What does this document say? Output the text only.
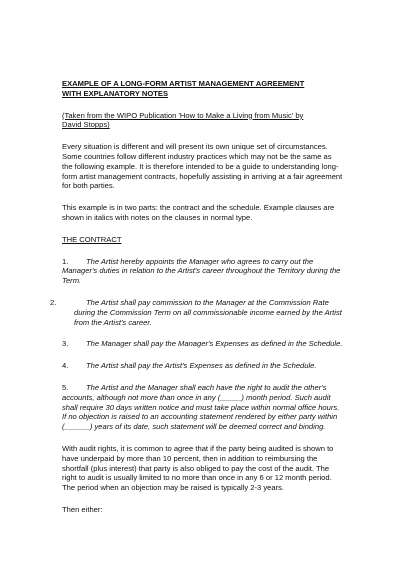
EXAMPLE OF A LONG-FORM ARTIST MANAGEMENT AGREEMENT
WITH EXPLANATORY NOTES
(Taken from the WIPO Publication 'How to Make a Living from Music' by
David Stopps)

Every situation is different and will present its own unique set of circumstances. Some countries follow different industry practices which may not be the same as the following example. It is therefore intended to be a guide to understanding long-form artist management contracts, hopefully assisting in arriving at a fair agreement for both parties.

This example is in two parts: the contract and the schedule. Example clauses are shown in italics with notes on the clauses in normal type.

THE CONTRACT
1. The Artist hereby appoints the Manager who agrees to carry out the Manager's duties in relation to the Artist's career throughout the Territory during the Term.
2.	The Artist shall pay commission to the Manager at the Commission Rate during the Commission Term on all commissionable income earned by the Artist from the Artist's career.
3. The Manager shall pay the Manager's Expenses as defined in the Schedule.
4. The Artist shall pay the Artist's Expenses as defined in the Schedule.
5. The Artist and the Manager shall each have the right to audit the other's accounts, although not more than once in any (_____) month period. Such audit shall require 30 days written notice and must take place within normal office hours. If no objection is raised to an accounting statement rendered by either party within (______) years of its date, such statement will be deemed correct and binding.

With audit rights, it is common to agree that if the party being audited is shown to have underpaid by more than 10 percent, then in addition to reimbursing the shortfall (plus interest) that party is also obliged to pay the cost of the audit. The right to audit is usually limited to no more than once in any 6 or 12 month period. The period when an objection may be raised is typically 2-3 years.

Then either:
